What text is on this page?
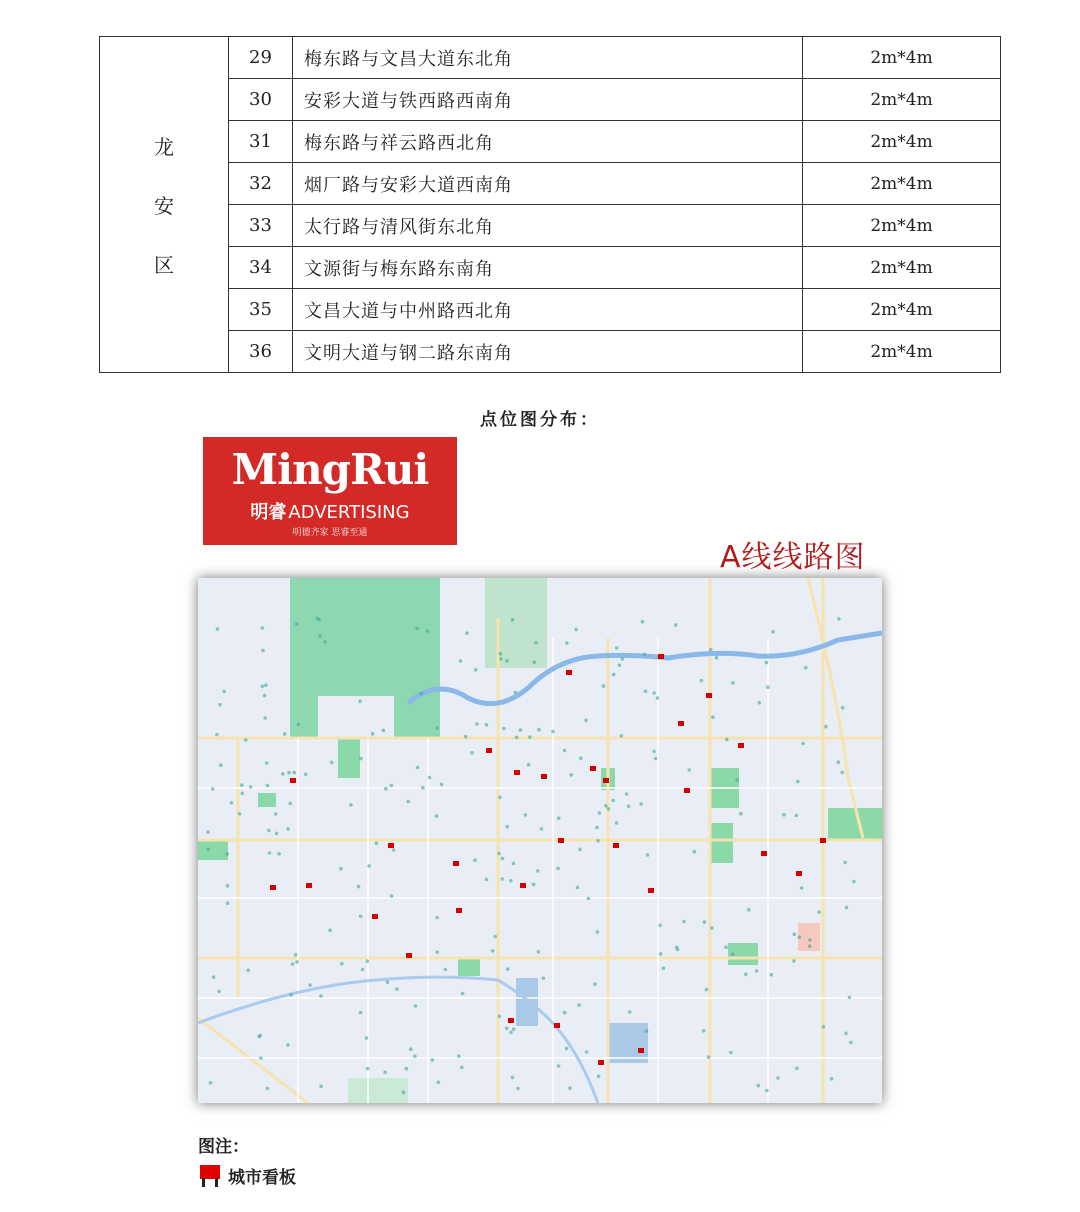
龙
安
区	29	梅东路与文昌大道东北角	2m*4m
	30	安彩大道与铁西路西南角	2m*4m
	31	梅东路与祥云路西北角	2m*4m
	32	烟厂路与安彩大道西南角	2m*4m
	33	太行路与清风街东北角	2m*4m
	34	文源街与梅东路东南角	2m*4m
	35	文昌大道与中州路西北角	2m*4m
	36	文明大道与钢二路东南角	2m*4m
点位图分布：
MingRui
明睿 ADVERTISING
明德齐家 思睿至通
A线线路图
图注：
城市看板
